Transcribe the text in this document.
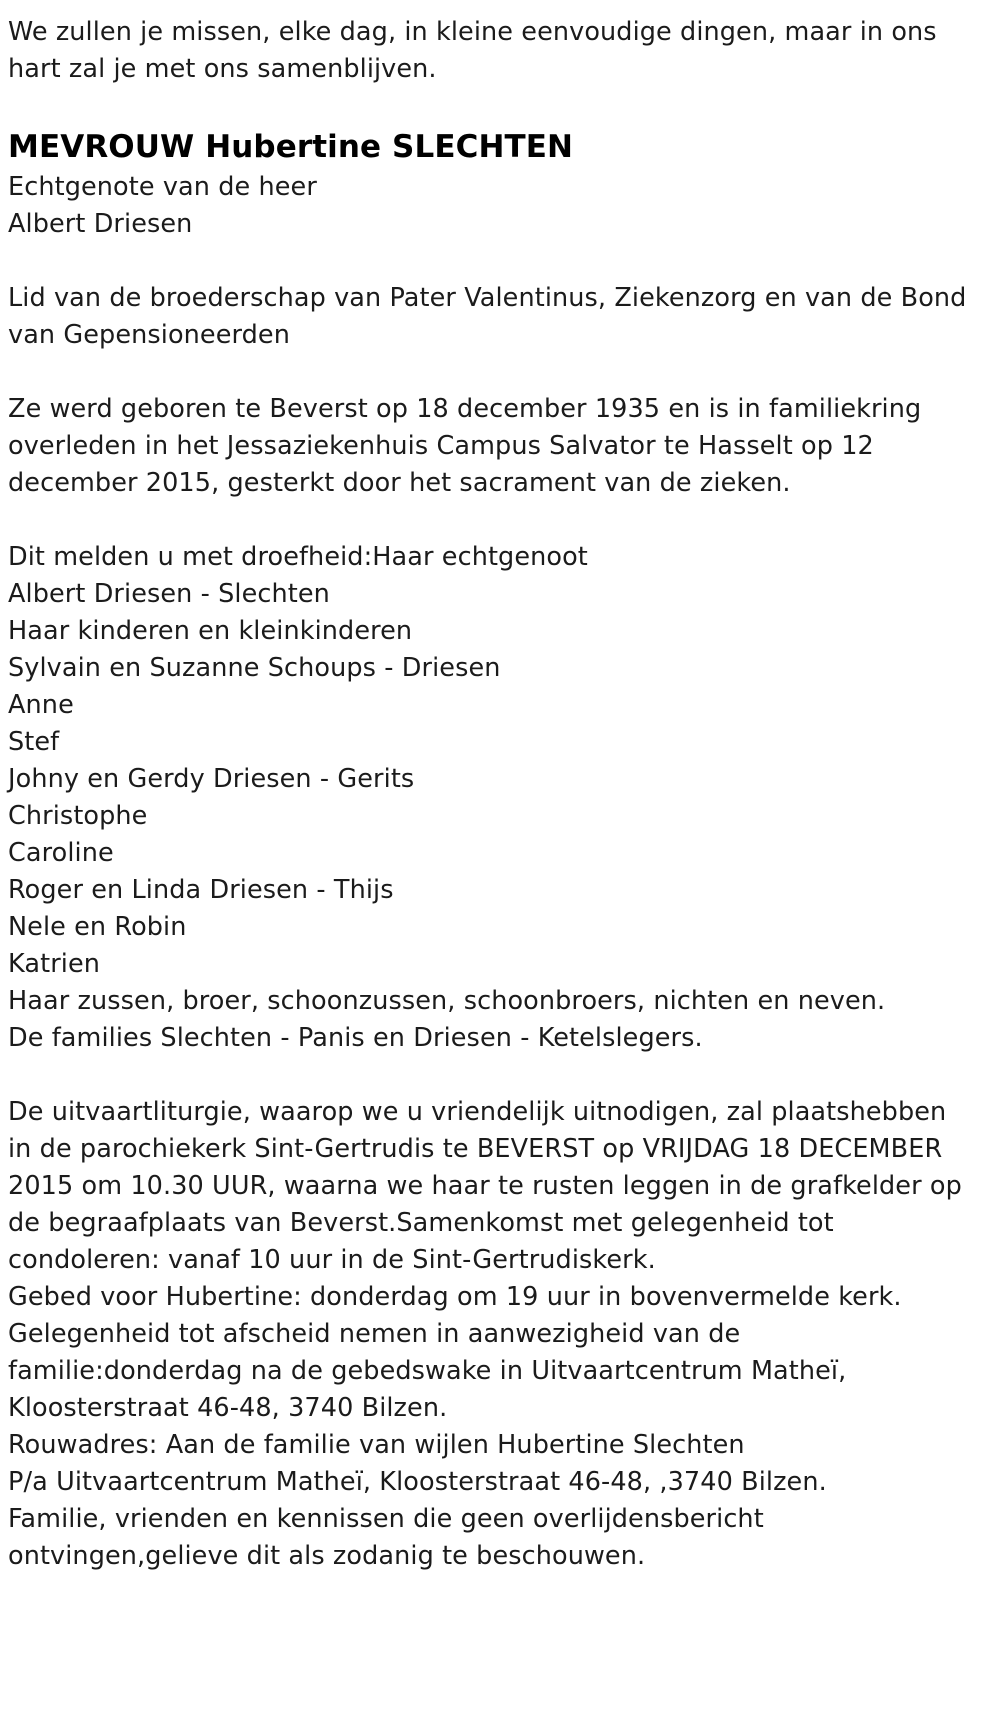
We zullen je missen, elke dag, in kleine eenvoudige dingen, maar in ons hart zal je met ons samenblijven.

MEVROUW Hubertine SLECHTEN

Echtgenote van de heer

Albert Driesen

Lid van de broederschap van Pater Valentinus, Ziekenzorg en van de Bond van Gepensioneerden

Ze werd geboren te Beverst op 18 december 1935 en is in familiekring overleden in het Jessaziekenhuis Campus Salvator te Hasselt op 12 december 2015, gesterkt door het sacrament van de zieken.

Dit melden u met droefheid:Haar echtgenoot

Albert Driesen - Slechten

Haar kinderen en kleinkinderen

Sylvain en Suzanne Schoups - Driesen

Anne

Stef

Johny en Gerdy Driesen - Gerits

Christophe

Caroline

Roger en Linda Driesen - Thijs

Nele en Robin

Katrien

Haar zussen, broer, schoonzussen, schoonbroers, nichten en neven.

De families Slechten - Panis en Driesen - Ketelslegers.

De uitvaartliturgie, waarop we u vriendelijk uitnodigen, zal plaatshebben in de parochiekerk Sint-Gertrudis te BEVERST op VRIJDAG 18 DECEMBER 2015 om 10.30 UUR, waarna we haar te rusten leggen in de grafkelder op de begraafplaats van Beverst.Samenkomst met gelegenheid tot condoleren: vanaf 10 uur in de Sint-Gertrudiskerk.

Gebed voor Hubertine: donderdag om 19 uur in bovenvermelde kerk.

Gelegenheid tot afscheid nemen in aanwezigheid van de familie:donderdag na de gebedswake in Uitvaartcentrum Matheï, Kloosterstraat 46-48, 3740 Bilzen.

Rouwadres: Aan de familie van wijlen Hubertine Slechten

P/a Uitvaartcentrum Matheï, Kloosterstraat 46-48, ,3740 Bilzen.

Familie, vrienden en kennissen die geen overlijdensbericht ontvingen,gelieve dit als zodanig te beschouwen.
